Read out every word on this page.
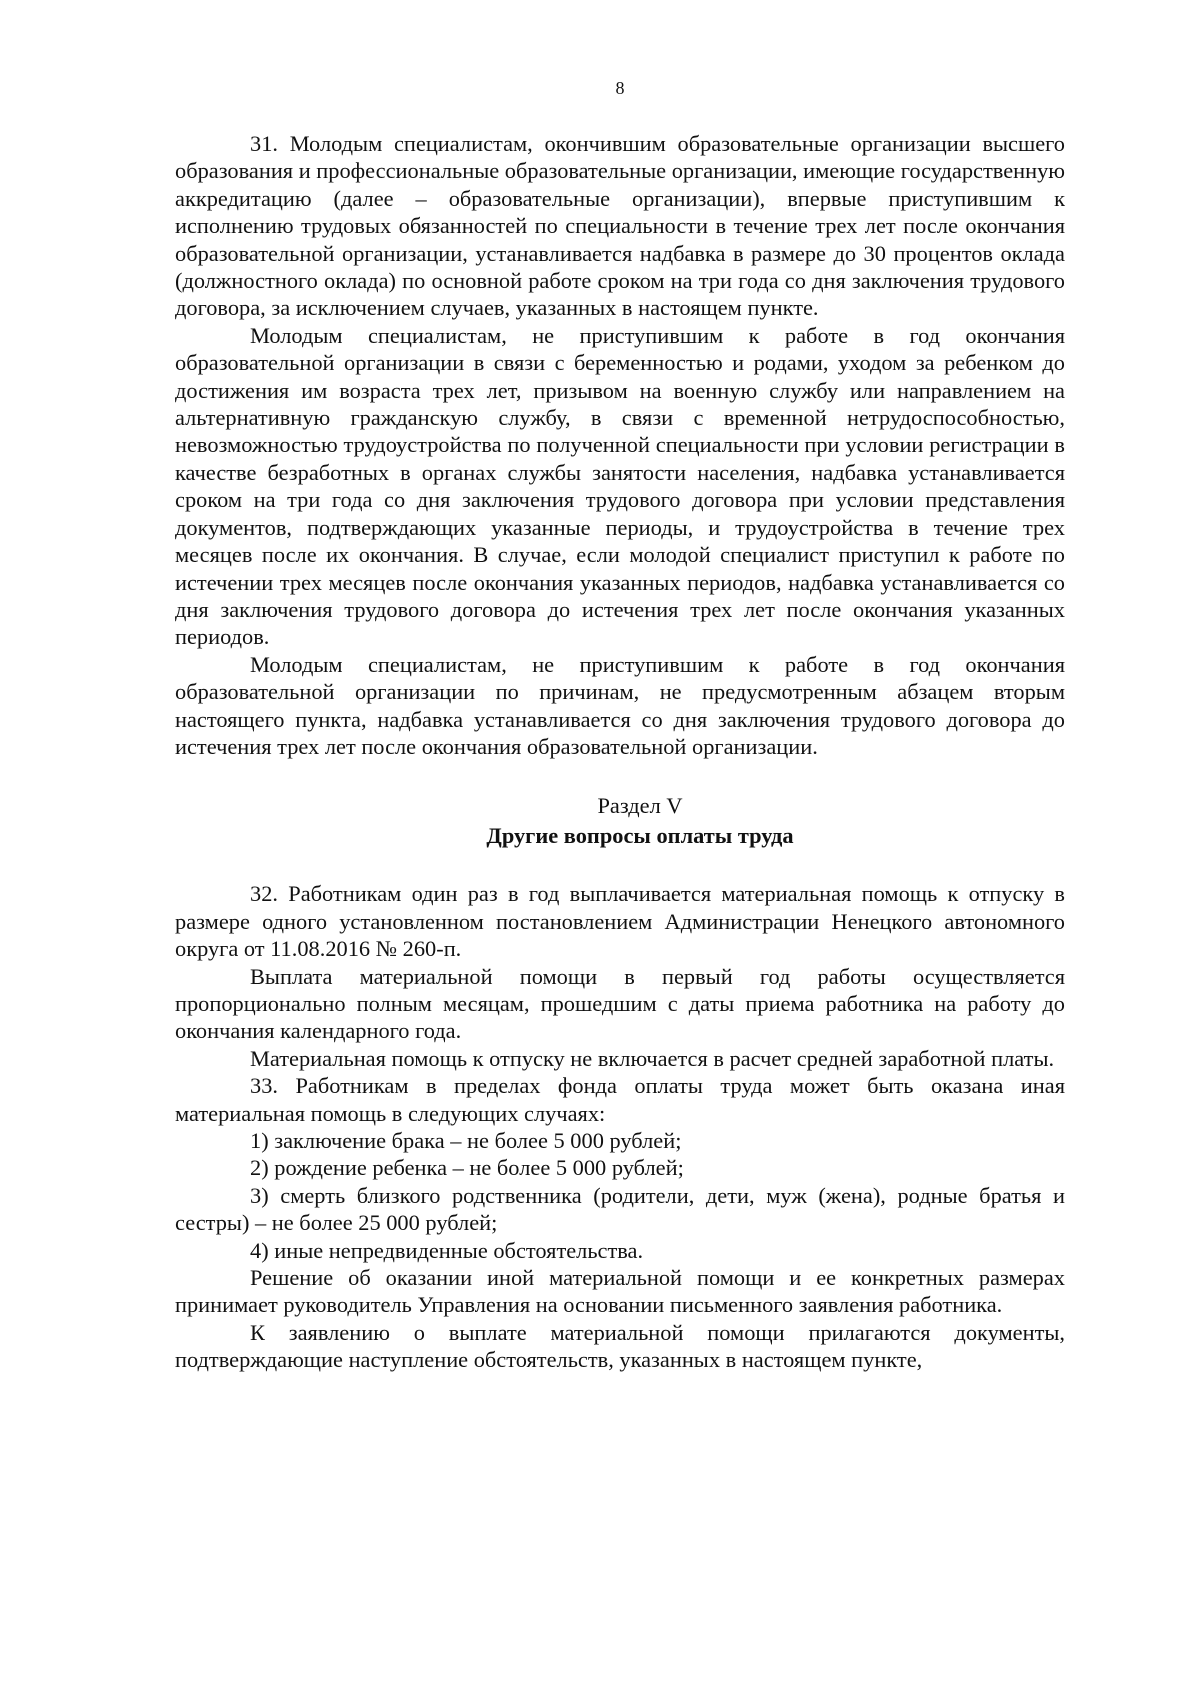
8

31. Молодым специалистам, окончившим образовательные организации высшего образования и профессиональные образовательные организации, имеющие государственную аккредитацию (далее – образовательные организации), впервые приступившим к исполнению трудовых обязанностей по специальности в течение трех лет после окончания образовательной организации, устанавливается надбавка в размере до 30 процентов оклада (должностного оклада) по основной работе сроком на три года со дня заключения трудового договора, за исключением случаев, указанных в настоящем пункте.

Молодым специалистам, не приступившим к работе в год окончания образовательной организации в связи с беременностью и родами, уходом за ребенком до достижения им возраста трех лет, призывом на военную службу или направлением на альтернативную гражданскую службу, в связи с временной нетрудоспособностью, невозможностью трудоустройства по полученной специальности при условии регистрации в качестве безработных в органах службы занятости населения, надбавка устанавливается сроком на три года со дня заключения трудового договора при условии представления документов, подтверждающих указанные периоды, и трудоустройства в течение трех месяцев после их окончания. В случае, если молодой специалист приступил к работе по истечении трех месяцев после окончания указанных периодов, надбавка устанавливается со дня заключения трудового договора до истечения трех лет после окончания указанных периодов.

Молодым специалистам, не приступившим к работе в год окончания образовательной организации по причинам, не предусмотренным абзацем вторым настоящего пункта, надбавка устанавливается со дня заключения трудового договора до истечения трех лет после окончания образовательной организации.

Раздел V
Другие вопросы оплаты труда

32. Работникам один раз в год выплачивается материальная помощь к отпуску в размере одного установленном постановлением Администрации Ненецкого автономного округа от 11.08.2016 № 260-п.

Выплата материальной помощи в первый год работы осуществляется пропорционально полным месяцам, прошедшим с даты приема работника на работу до окончания календарного года.

Материальная помощь к отпуску не включается в расчет средней заработной платы.

33. Работникам в пределах фонда оплаты труда может быть оказана иная материальная помощь в следующих случаях:

1) заключение брака – не более 5 000 рублей;

2) рождение ребенка – не более 5 000 рублей;

3) смерть близкого родственника (родители, дети, муж (жена), родные братья и сестры) – не более 25 000 рублей;

4) иные непредвиденные обстоятельства.

Решение об оказании иной материальной помощи и ее конкретных размерах принимает руководитель Управления на основании письменного заявления работника.

К заявлению о выплате материальной помощи прилагаются документы, подтверждающие наступление обстоятельств, указанных в настоящем пункте,
